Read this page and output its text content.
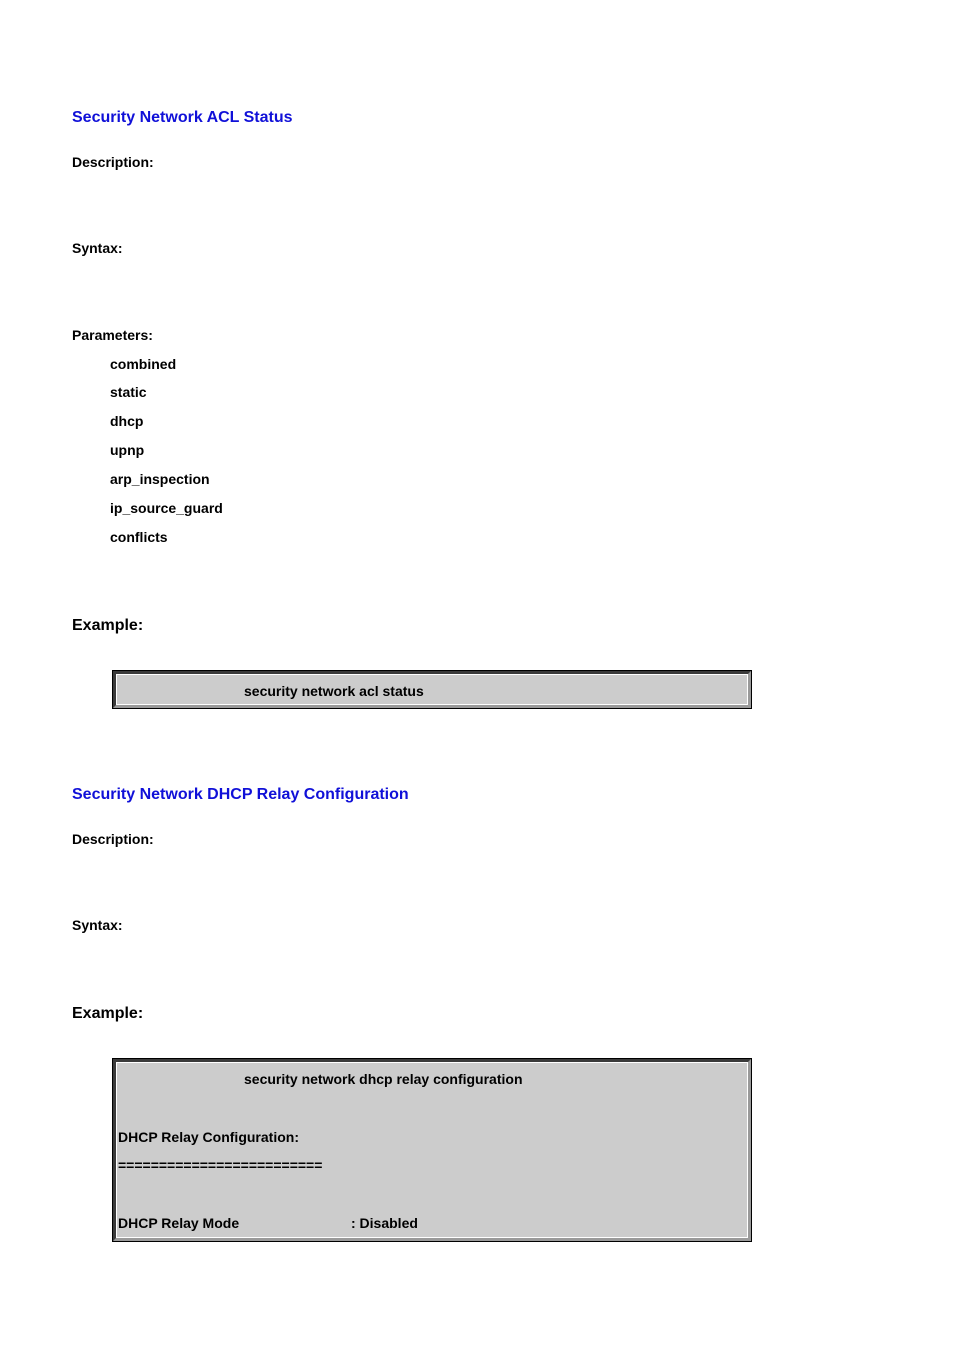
Security Network ACL Status
Description:
Syntax:
Parameters:
combined
static
dhcp
upnp
arp_inspection
ip_source_guard
conflicts
Example:
security network acl status
Security Network DHCP Relay Configuration
Description:
Syntax:
Example:
security network dhcp relay configuration
DHCP Relay Configuration:
=========================
DHCP Relay Mode	: Disabled
